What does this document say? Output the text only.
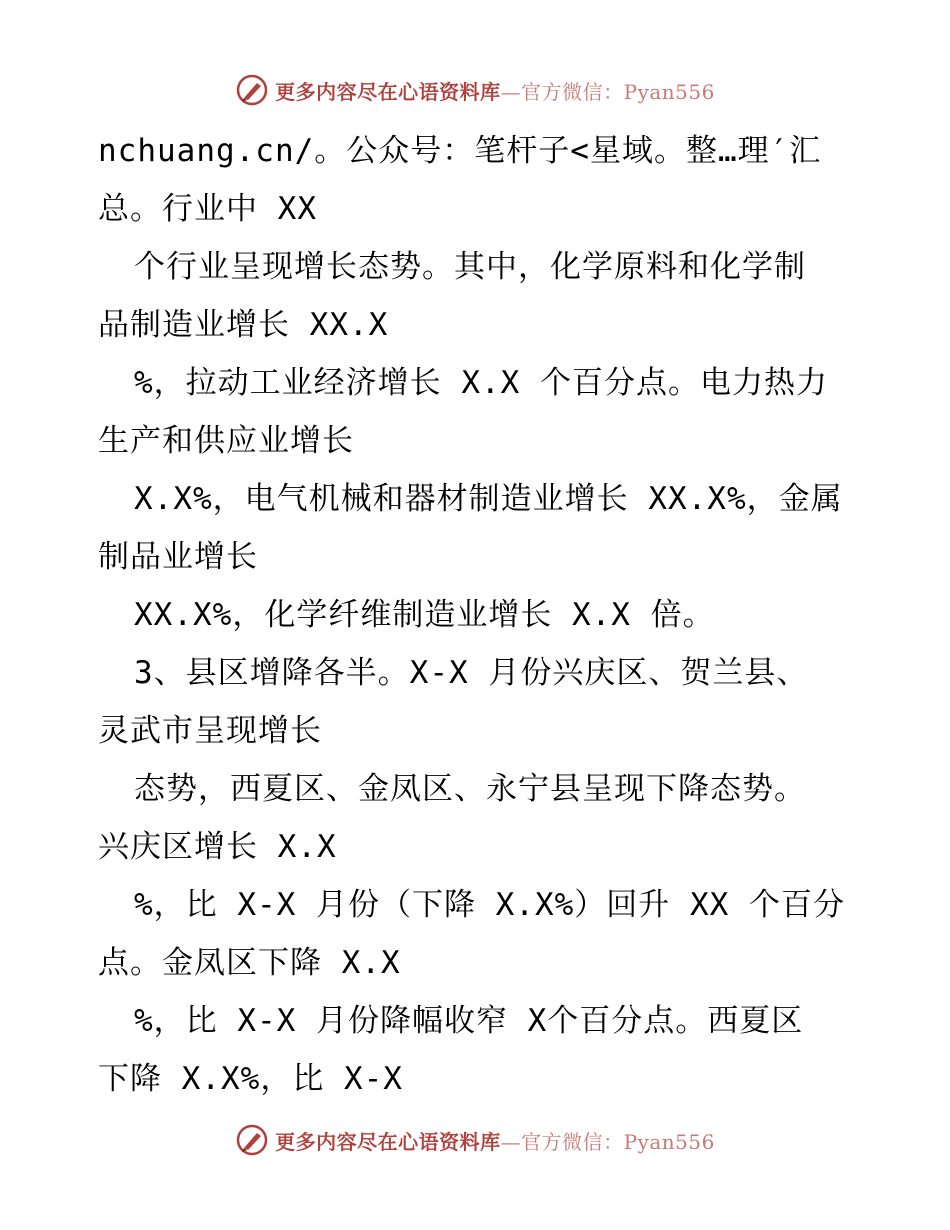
更多内容尽在心语资料库—官方微信：Pyan556
nchuang.cn/。公众号：笔杆子<星域。整…理′汇
总。行业中 XX
个行业呈现增长态势。其中，化学原料和化学制
品制造业增长 XX.X
%，拉动工业经济增长 X.X 个百分点。电力热力
生产和供应业增长
X.X%，电气机械和器材制造业增长 XX.X%，金属
制品业增长
XX.X%，化学纤维制造业增长 X.X 倍。
3、县区增降各半。X-X 月份兴庆区、贺兰县、
灵武市呈现增长
态势，西夏区、金凤区、永宁县呈现下降态势。
兴庆区增长 X.X
%，比 X-X 月份（下降 X.X%）回升 XX 个百分
点。金凤区下降 X.X
%，比 X-X 月份降幅收窄 X个百分点。西夏区
下降 X.X%，比 X-X
更多内容尽在心语资料库—官方微信：Pyan556
